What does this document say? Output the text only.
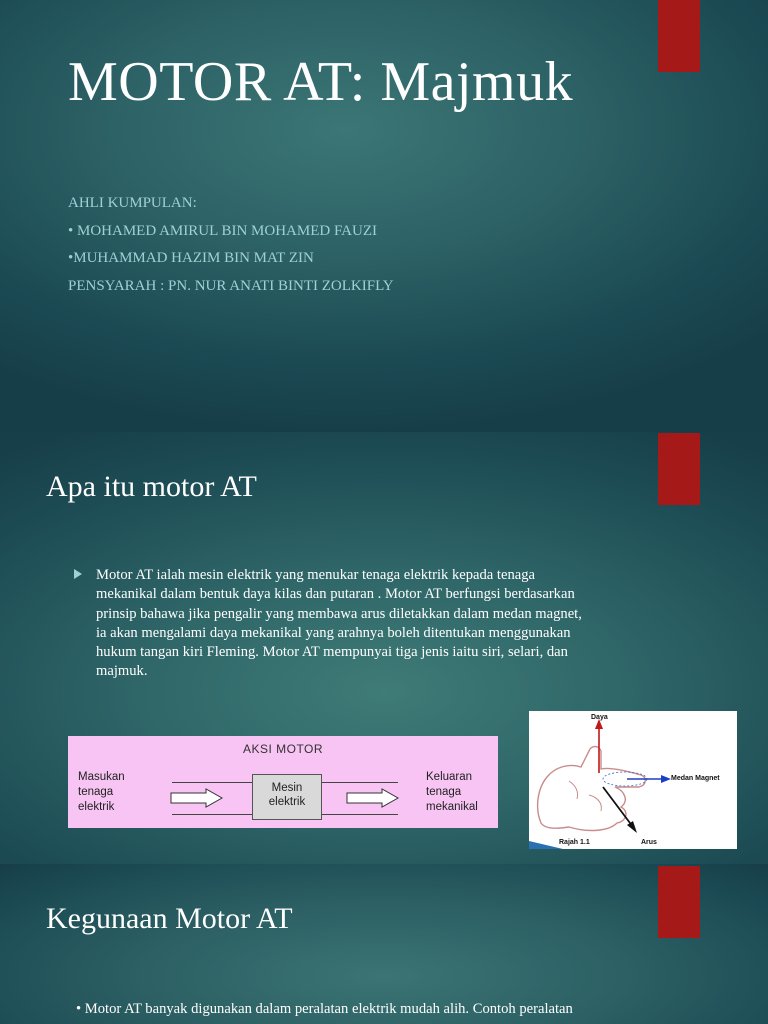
MOTOR AT: Majmuk
AHLI KUMPULAN:
• MOHAMED AMIRUL BIN MOHAMED FAUZI
•MUHAMMAD HAZIM BIN MAT ZIN
PENSYARAH : PN. NUR ANATI BINTI ZOLKIFLY
Apa itu motor AT

Motor AT ialah mesin elektrik yang menukar tenaga elektrik kepada tenaga mekanikal dalam bentuk daya kilas dan putaran . Motor AT berfungsi berdasarkan prinsip bahawa jika pengalir yang membawa arus diletakkan dalam medan magnet, ia akan mengalami daya mekanikal yang arahnya boleh ditentukan menggunakan hukum tangan kiri Fleming. Motor AT mempunyai tiga jenis iaitu siri, selari, dan majmuk.

AKSI MOTOR
Masukan
tenaga
elektrik
Mesin
elektrik
Keluaran
tenaga
mekanikal
Daya
Medan Magnet
Arus
Rajah 1.1
Kegunaan Motor AT

• Motor AT banyak digunakan dalam peralatan elektrik mudah alih. Contoh peralatan
